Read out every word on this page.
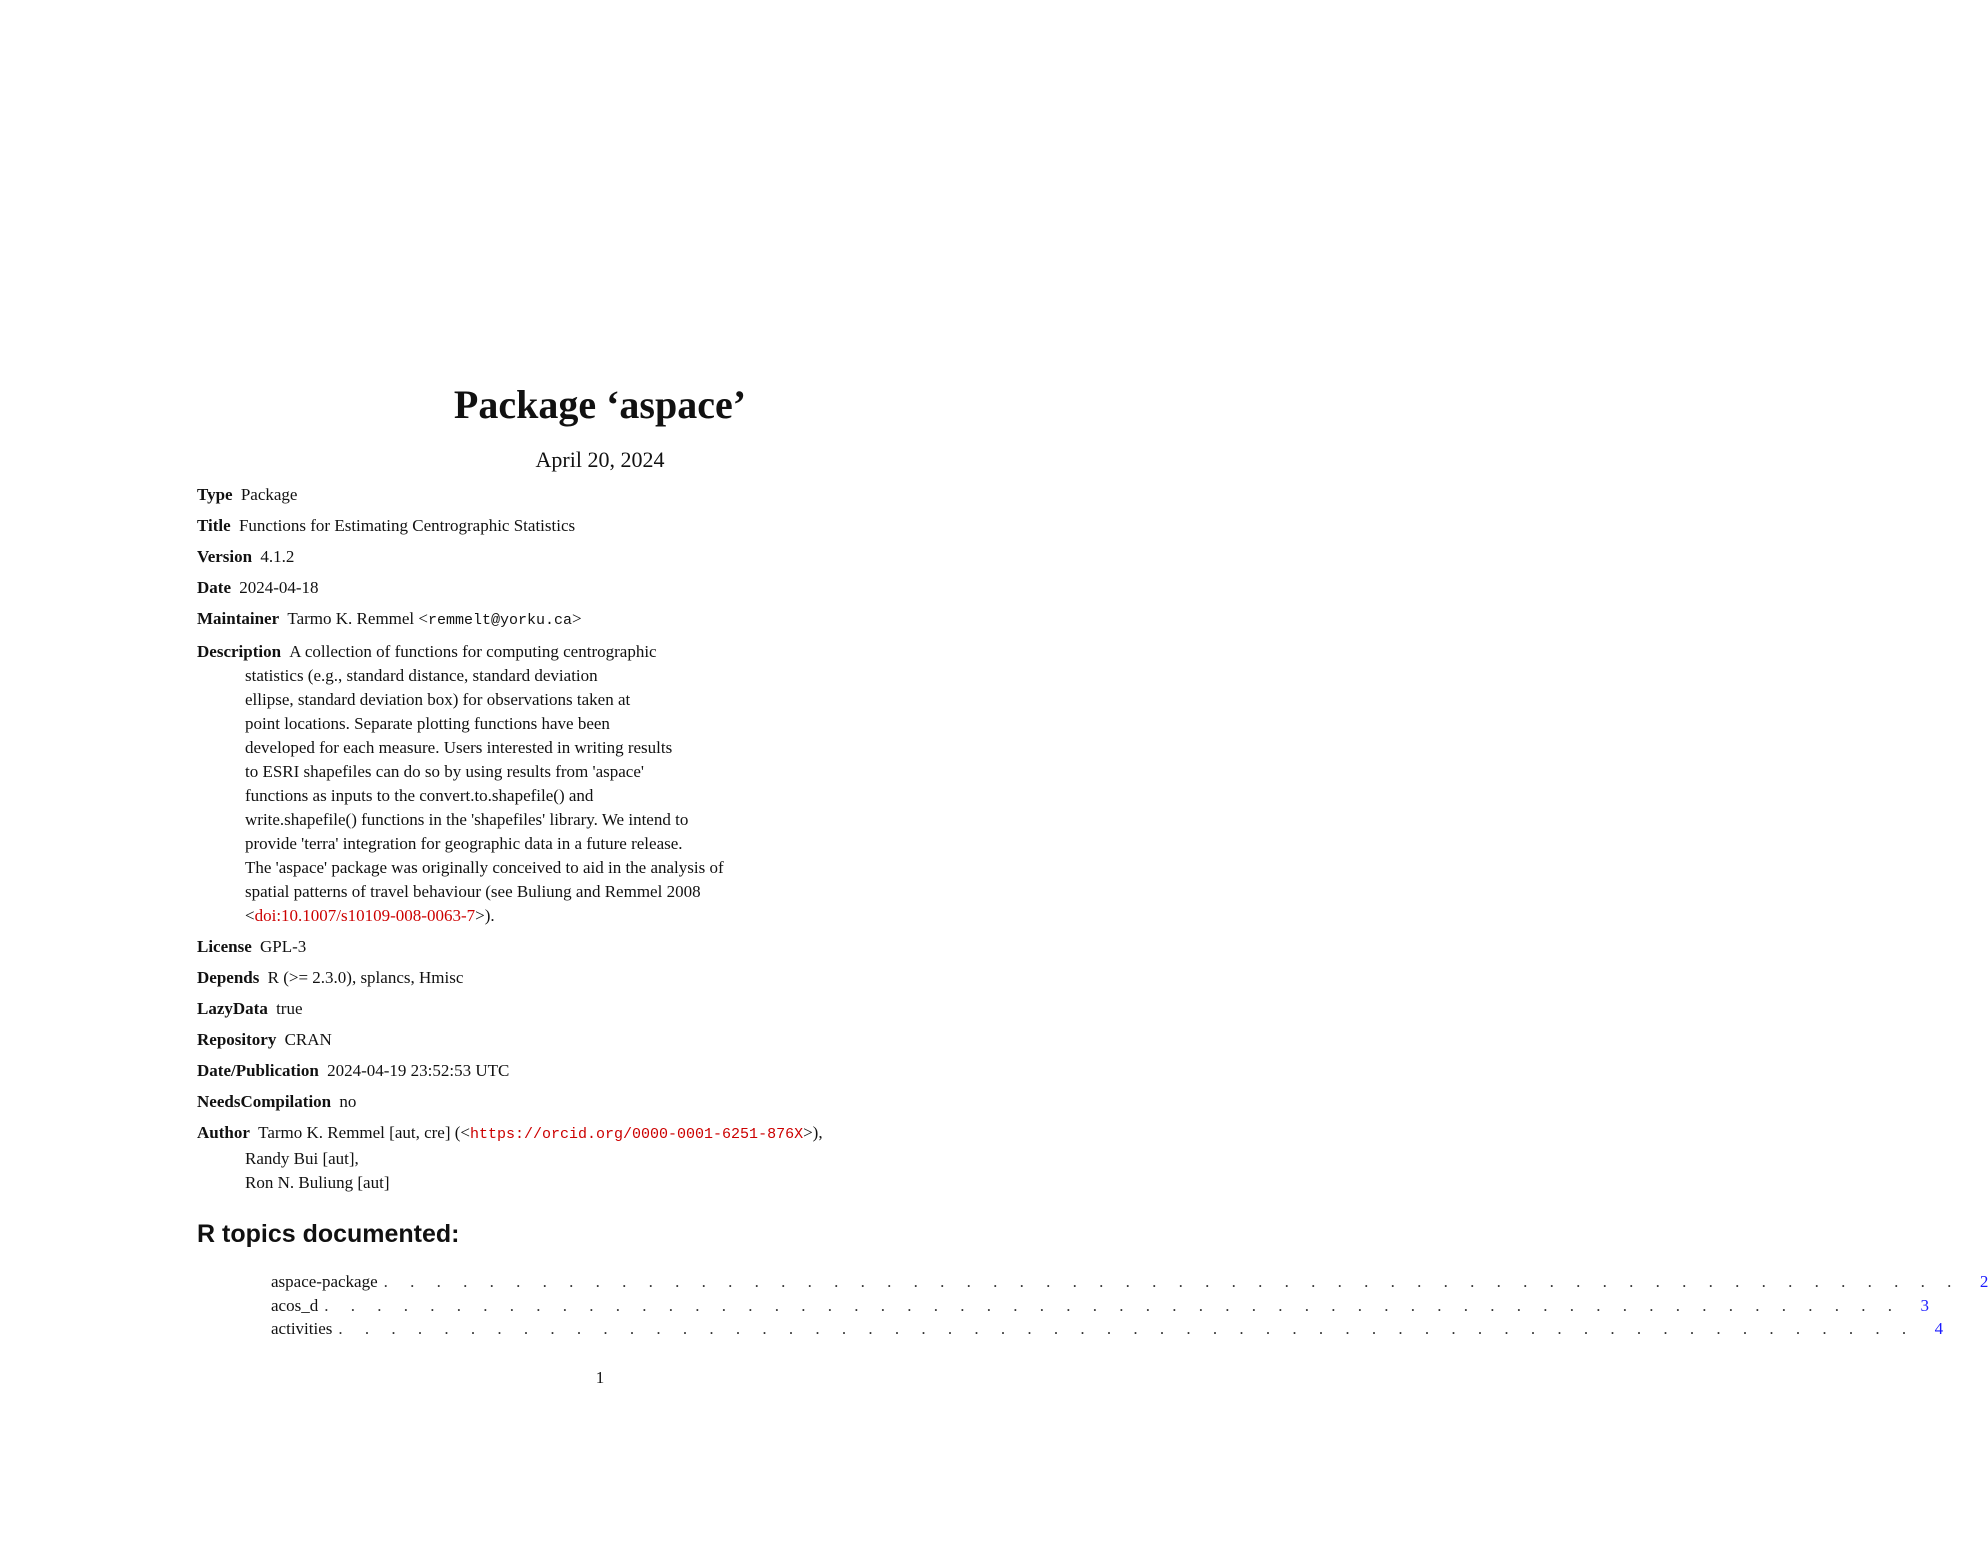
Package ‘aspace’
April 20, 2024
Type Package
Title Functions for Estimating Centrographic Statistics
Version 4.1.2
Date 2024-04-18
Maintainer Tarmo K. Remmel <remmelt@yorku.ca>
Description A collection of functions for computing centrographic
statistics (e.g., standard distance, standard deviation
ellipse, standard deviation box) for observations taken at
point locations. Separate plotting functions have been
developed for each measure. Users interested in writing results
to ESRI shapefiles can do so by using results from 'aspace'
functions as inputs to the convert.to.shapefile() and
write.shapefile() functions in the 'shapefiles' library. We intend to
provide 'terra' integration for geographic data in a future release.
The 'aspace' package was originally conceived to aid in the analysis of
spatial patterns of travel behaviour (see Buliung and Remmel 2008
<doi:10.1007/s10109-008-0063-7>).
License GPL-3
Depends R (>= 2.3.0), splancs, Hmisc
LazyData true
Repository CRAN
Date/Publication 2024-04-19 23:52:53 UTC
NeedsCompilation no
Author Tarmo K. Remmel [aut, cre] (<https://orcid.org/0000-0001-6251-876X>),
Randy Bui [aut],
Ron N. Buliung [aut]
R topics documented:
aspace-package . . . . . . . . . . . . . . . . . . . . . . . . . . . . . . . . . . . . . . . . . . . . . . . . . . . . . . . . . . . .	2
acos_d . . . . . . . . . . . . . . . . . . . . . . . . . . . . . . . . . . . . . . . . . . . . . . . . . . . . . . . . . . . .	3
activities . . . . . . . . . . . . . . . . . . . . . . . . . . . . . . . . . . . . . . . . . . . . . . . . . . . . . . . . . . . .	4
1
